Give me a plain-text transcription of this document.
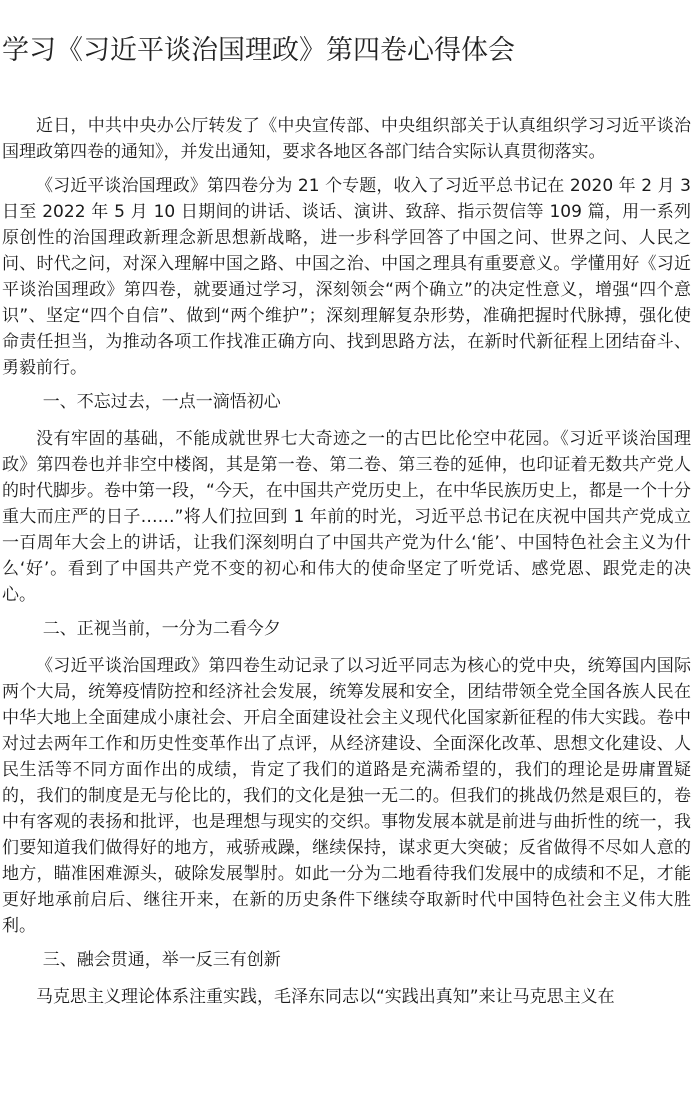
学习《习近平谈治国理政》第四卷心得体会

近日，中共中央办公厅转发了《中央宣传部、中央组织部关于认真组织学习习近平谈治国理政第四卷的通知》，并发出通知，要求各地区各部门结合实际认真贯彻落实。

《习近平谈治国理政》第四卷分为 21 个专题，收入了习近平总书记在 2020 年 2 月 3 日至 2022 年 5 月 10 日期间的讲话、谈话、演讲、致辞、指示贺信等 109 篇，用一系列原创性的治国理政新理念新思想新战略，进一步科学回答了中国之问、世界之问、人民之问、时代之问，对深入理解中国之路、中国之治、中国之理具有重要意义。学懂用好《习近平谈治国理政》第四卷，就要通过学习，深刻领会“两个确立”的决定性意义，增强“四个意识”、坚定“四个自信”、做到“两个维护”；深刻理解复杂形势，准确把握时代脉搏，强化使命责任担当，为推动各项工作找准正确方向、找到思路方法，在新时代新征程上团结奋斗、勇毅前行。

一、不忘过去，一点一滴悟初心

没有牢固的基础，不能成就世界七大奇迹之一的古巴比伦空中花园。《习近平谈治国理政》第四卷也并非空中楼阁，其是第一卷、第二卷、第三卷的延伸，也印证着无数共产党人的时代脚步。卷中第一段，“今天，在中国共产党历史上，在中华民族历史上，都是一个十分重大而庄严的日子……”将人们拉回到 1 年前的时光，习近平总书记在庆祝中国共产党成立一百周年大会上的讲话，让我们深刻明白了中国共产党为什么‘能’、中国特色社会主义为什么‘好’。看到了中国共产党不变的初心和伟大的使命坚定了听党话、感党恩、跟党走的决心。

二、正视当前，一分为二看今夕

《习近平谈治国理政》第四卷生动记录了以习近平同志为核心的党中央，统筹国内国际两个大局，统筹疫情防控和经济社会发展，统筹发展和安全，团结带领全党全国各族人民在中华大地上全面建成小康社会、开启全面建设社会主义现代化国家新征程的伟大实践。卷中对过去两年工作和历史性变革作出了点评，从经济建设、全面深化改革、思想文化建设、人民生活等不同方面作出的成绩，肯定了我们的道路是充满希望的，我们的理论是毋庸置疑的，我们的制度是无与伦比的，我们的文化是独一无二的。但我们的挑战仍然是艰巨的，卷中有客观的表扬和批评，也是理想与现实的交织。事物发展本就是前进与曲折性的统一，我们要知道我们做得好的地方，戒骄戒躁，继续保持，谋求更大突破；反省做得不尽如人意的地方，瞄准困难源头，破除发展掣肘。如此一分为二地看待我们发展中的成绩和不足，才能更好地承前启后、继往开来，在新的历史条件下继续夺取新时代中国特色社会主义伟大胜利。

三、融会贯通，举一反三有创新

马克思主义理论体系注重实践，毛泽东同志以“实践出真知”来让马克思主义在
